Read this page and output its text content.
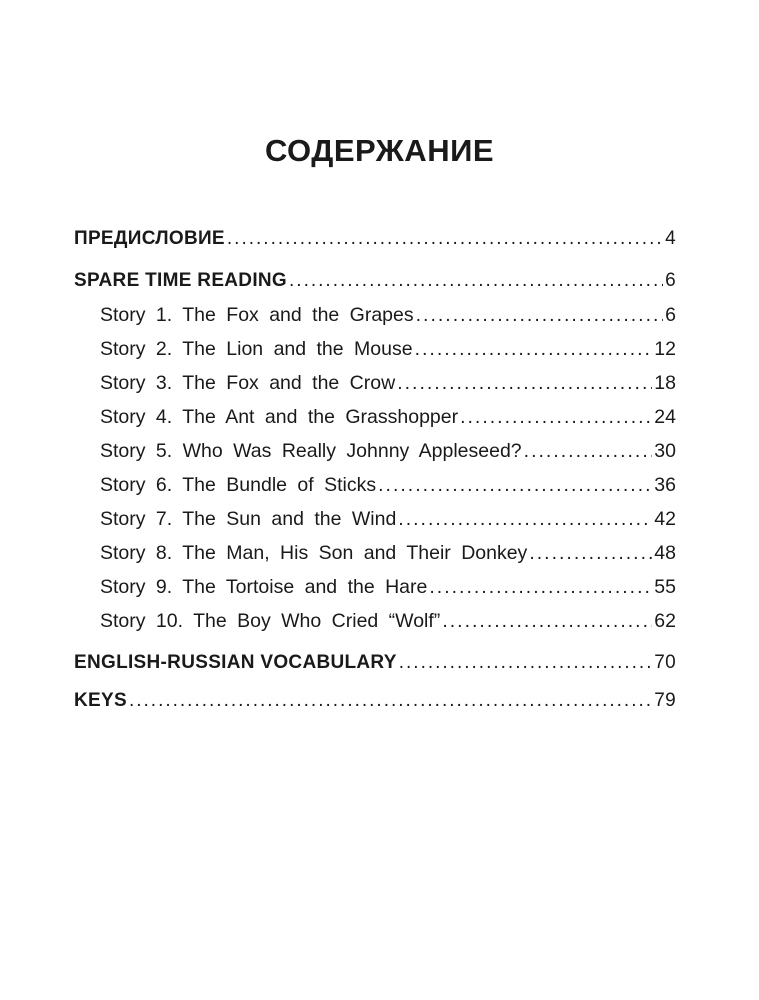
СОДЕРЖАНИЕ
ПРЕДИСЛОВИЕ .....	4
SPARE TIME READING .....	6
Story 1. The Fox and the Grapes .....	6
Story 2. The Lion and the Mouse .....	12
Story 3. The Fox and the Crow .....	18
Story 4. The Ant and the Grasshopper .....	24
Story 5. Who Was Really Johnny Appleseed? .....	30
Story 6. The Bundle of Sticks .....	36
Story 7. The Sun and the Wind .....	42
Story 8. The Man, His Son and Their Donkey .....	48
Story 9. The Tortoise and the Hare .....	55
Story 10. The Boy Who Cried “Wolf” .....	62
ENGLISH-RUSSIAN VOCABULARY .....	70
KEYS .....	79
